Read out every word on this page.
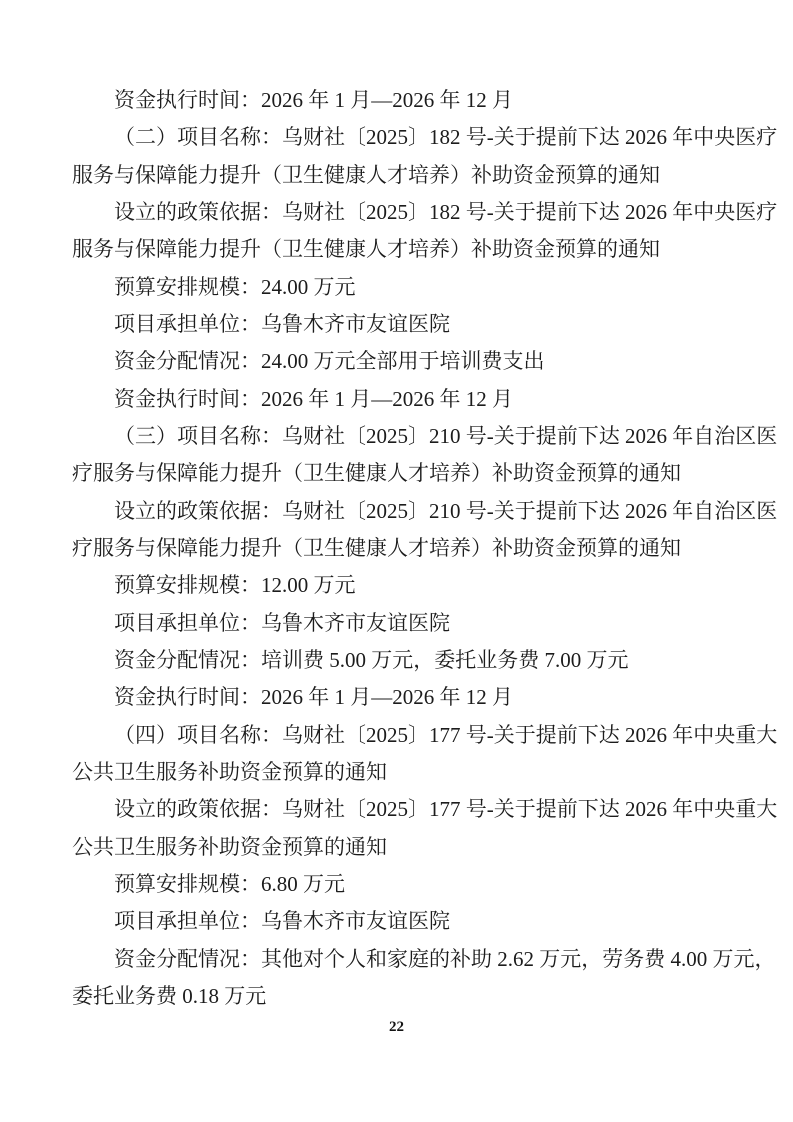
资金执行时间：2026 年 1 月—2026 年 12 月
（二）项目名称：乌财社〔2025〕182 号-关于提前下达 2026 年中央医疗
服务与保障能力提升（卫生健康人才培养）补助资金预算的通知
设立的政策依据：乌财社〔2025〕182 号-关于提前下达 2026 年中央医疗
服务与保障能力提升（卫生健康人才培养）补助资金预算的通知
预算安排规模：24.00 万元
项目承担单位：乌鲁木齐市友谊医院
资金分配情况：24.00 万元全部用于培训费支出
资金执行时间：2026 年 1 月—2026 年 12 月
（三）项目名称：乌财社〔2025〕210 号-关于提前下达 2026 年自治区医
疗服务与保障能力提升（卫生健康人才培养）补助资金预算的通知
设立的政策依据：乌财社〔2025〕210 号-关于提前下达 2026 年自治区医
疗服务与保障能力提升（卫生健康人才培养）补助资金预算的通知
预算安排规模：12.00 万元
项目承担单位：乌鲁木齐市友谊医院
资金分配情况：培训费 5.00 万元，委托业务费 7.00 万元
资金执行时间：2026 年 1 月—2026 年 12 月
（四）项目名称：乌财社〔2025〕177 号-关于提前下达 2026 年中央重大
公共卫生服务补助资金预算的通知
设立的政策依据：乌财社〔2025〕177 号-关于提前下达 2026 年中央重大
公共卫生服务补助资金预算的通知
预算安排规模：6.80 万元
项目承担单位：乌鲁木齐市友谊医院
资金分配情况：其他对个人和家庭的补助 2.62 万元，劳务费 4.00 万元，
委托业务费 0.18 万元
22
